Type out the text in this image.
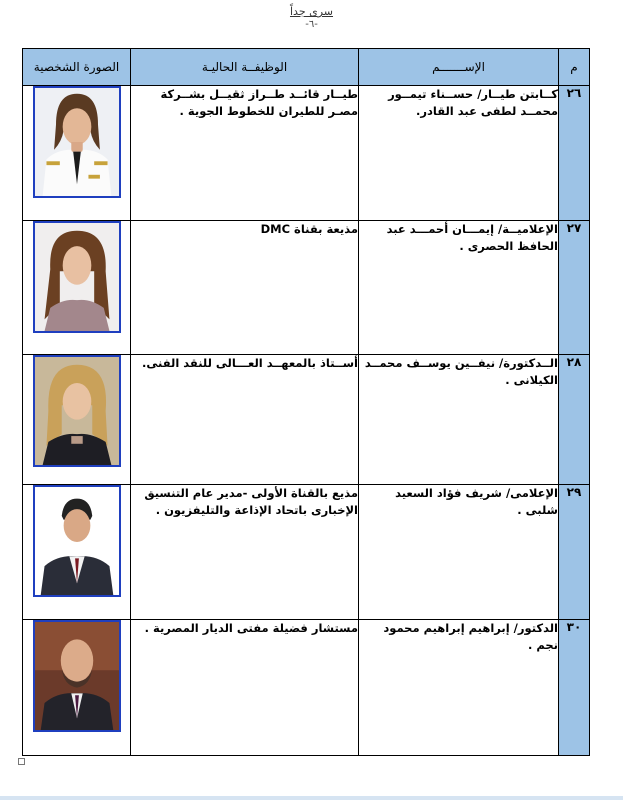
سرى جداً
-٦-
م	الإســـــــم	الوظيفــة الحاليـة	الصورة الشخصية
٢٦	كــابتن طيــار/ حســناء تيمــور محمــد لطفى عبد القادر.	طيــار قائــد طــراز ثقيــل بشــركة مصـر للطيران للخطوط الجوية .	

٢٧	الإعلاميــة/ إيمـــان أحمـــد عبد الحافظ الحصرى .	مذيعة بقناة DMC	

٢٨	الــدكتورة/ نيفــين يوســف محمــد الكيلانى .	أســتاذ بالمعهــد العـــالى للنقد الفنى.	

٢٩	الإعلامى/ شريف فؤاد السعيد شلبى .	مذيع بالقناة الأولى -مدير عام التنسيق الإخبارى باتحاد الإذاعة والتليفزيون .	

٣٠	الدكتور/ إبراهيم إبراهيم محمود نجم .	مستشار فضيلة مفتى الديار المصرية .	
